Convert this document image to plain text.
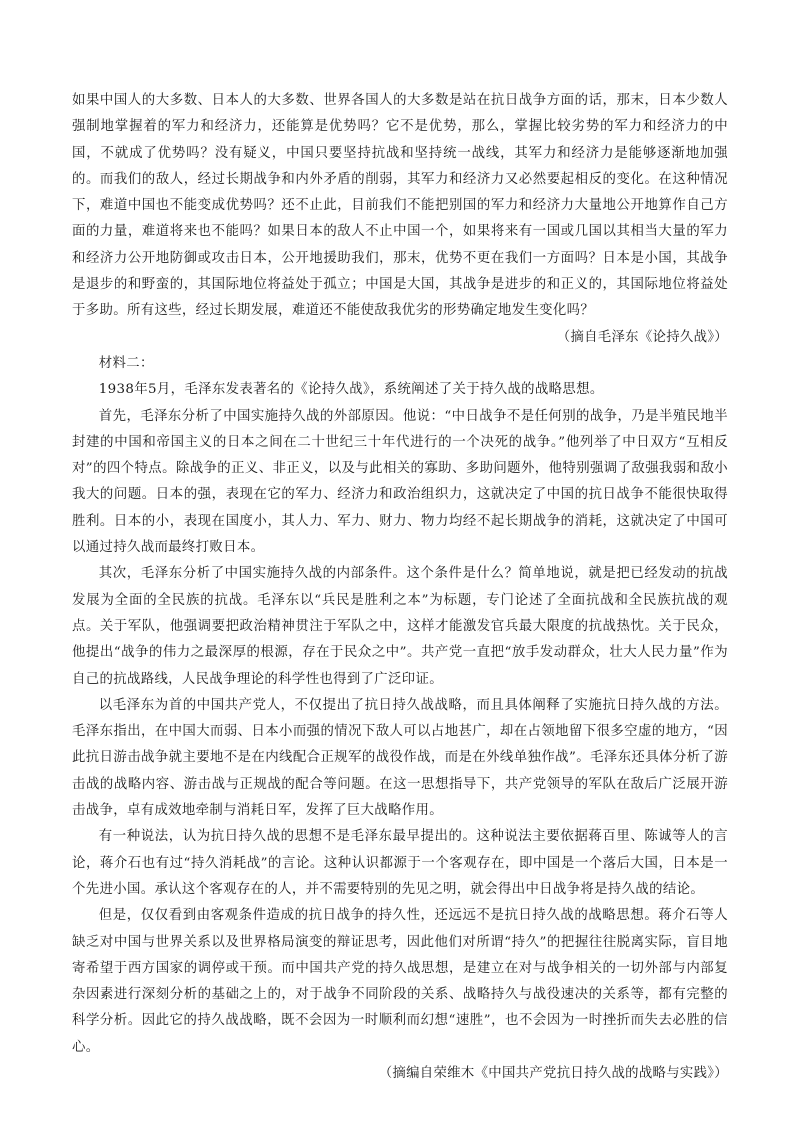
如果中国人的大多数、日本人的大多数、世界各国人的大多数是站在抗日战争方面的话，那末，日本少数人强制地掌握着的军力和经济力，还能算是优势吗？它不是优势，那么，掌握比较劣势的军力和经济力的中国，不就成了优势吗？没有疑义，中国只要坚持抗战和坚持统一战线，其军力和经济力是能够逐渐地加强的。而我们的敌人，经过长期战争和内外矛盾的削弱，其军力和经济力又必然要起相反的变化。在这种情况下，难道中国也不能变成优势吗？还不止此，目前我们不能把别国的军力和经济力大量地公开地算作自己方面的力量，难道将来也不能吗？如果日本的敌人不止中国一个，如果将来有一国或几国以其相当大量的军力和经济力公开地防御或攻击日本，公开地援助我们，那末，优势不更在我们一方面吗？日本是小国，其战争是退步的和野蛮的，其国际地位将益处于孤立；中国是大国，其战争是进步的和正义的，其国际地位将益处于多助。所有这些，经过长期发展，难道还不能使敌我优劣的形势确定地发生变化吗？

（摘自毛泽东《论持久战》）

材料二：

1938年5月，毛泽东发表著名的《论持久战》，系统阐述了关于持久战的战略思想。

首先，毛泽东分析了中国实施持久战的外部原因。他说：“中日战争不是任何别的战争，乃是半殖民地半封建的中国和帝国主义的日本之间在二十世纪三十年代进行的一个决死的战争。”他列举了中日双方“互相反对”的四个特点。除战争的正义、非正义，以及与此相关的寡助、多助问题外，他特别强调了敌强我弱和敌小我大的问题。日本的强，表现在它的军力、经济力和政治组织力，这就决定了中国的抗日战争不能很快取得胜利。日本的小，表现在国度小，其人力、军力、财力、物力均经不起长期战争的消耗，这就决定了中国可以通过持久战而最终打败日本。

其次，毛泽东分析了中国实施持久战的内部条件。这个条件是什么？简单地说，就是把已经发动的抗战发展为全面的全民族的抗战。毛泽东以“兵民是胜利之本”为标题，专门论述了全面抗战和全民族抗战的观点。关于军队，他强调要把政治精神贯注于军队之中，这样才能激发官兵最大限度的抗战热忱。关于民众，他提出“战争的伟力之最深厚的根源，存在于民众之中”。共产党一直把“放手发动群众，壮大人民力量”作为自己的抗战路线，人民战争理论的科学性也得到了广泛印证。

以毛泽东为首的中国共产党人，不仅提出了抗日持久战战略，而且具体阐释了实施抗日持久战的方法。毛泽东指出，在中国大而弱、日本小而强的情况下敌人可以占地甚广，却在占领地留下很多空虚的地方，“因此抗日游击战争就主要地不是在内线配合正规军的战役作战，而是在外线单独作战”。毛泽东还具体分析了游击战的战略内容、游击战与正规战的配合等问题。在这一思想指导下，共产党领导的军队在敌后广泛展开游击战争，卓有成效地牵制与消耗日军，发挥了巨大战略作用。

有一种说法，认为抗日持久战的思想不是毛泽东最早提出的。这种说法主要依据蒋百里、陈诚等人的言论，蒋介石也有过“持久消耗战”的言论。这种认识都源于一个客观存在，即中国是一个落后大国，日本是一个先进小国。承认这个客观存在的人，并不需要特别的先见之明，就会得出中日战争将是持久战的结论。

但是，仅仅看到由客观条件造成的抗日战争的持久性，还远远不是抗日持久战的战略思想。蒋介石等人缺乏对中国与世界关系以及世界格局演变的辩证思考，因此他们对所谓“持久”的把握往往脱离实际，盲目地寄希望于西方国家的调停或干预。而中国共产党的持久战思想，是建立在对与战争相关的一切外部与内部复杂因素进行深刻分析的基础之上的，对于战争不同阶段的关系、战略持久与战役速决的关系等，都有完整的科学分析。因此它的持久战战略，既不会因为一时顺利而幻想“速胜”，也不会因为一时挫折而失去必胜的信心。

（摘编自荣维木《中国共产党抗日持久战的战略与实践》）
